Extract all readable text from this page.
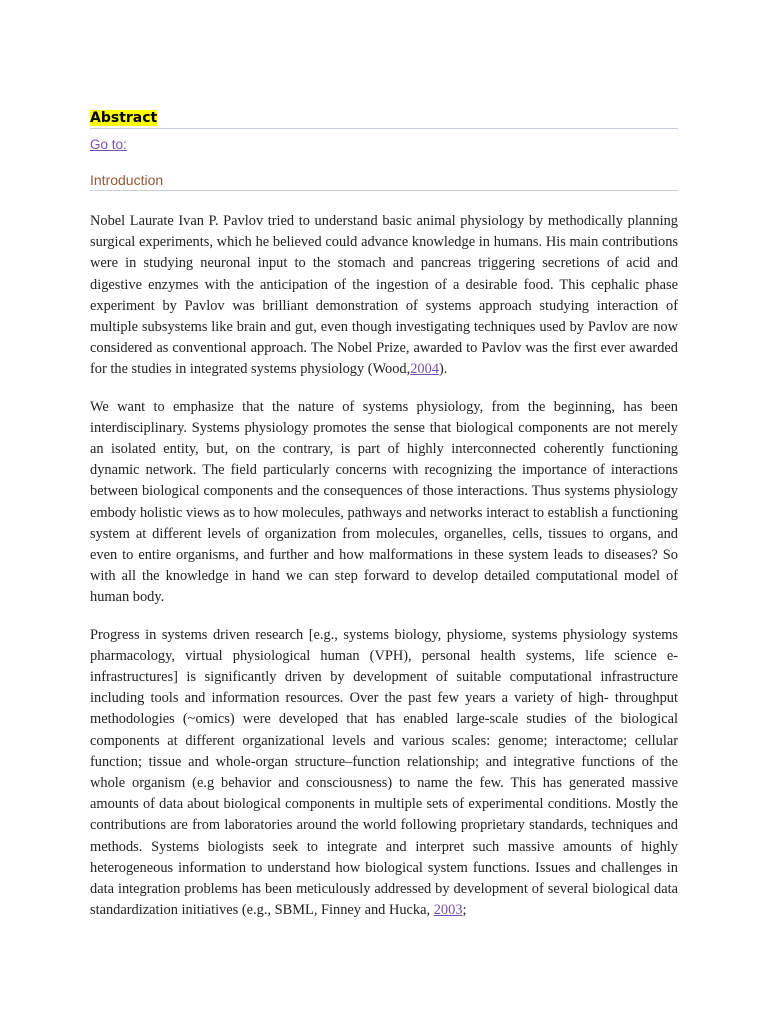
Abstract
Go to:
Introduction

Nobel Laurate Ivan P. Pavlov tried to understand basic animal physiology by methodically planning surgical experiments, which he believed could advance knowledge in humans. His main contributions were in studying neuronal input to the stomach and pancreas triggering secretions of acid and digestive enzymes with the anticipation of the ingestion of a desirable food. This cephalic phase experiment by Pavlov was brilliant demonstration of systems approach studying interaction of multiple subsystems like brain and gut, even though investigating techniques used by Pavlov are now considered as conventional approach. The Nobel Prize, awarded to Pavlov was the first ever awarded for the studies in integrated systems physiology (Wood,2004).

We want to emphasize that the nature of systems physiology, from the beginning, has been interdisciplinary. Systems physiology promotes the sense that biological components are not merely an isolated entity, but, on the contrary, is part of highly interconnected coherently functioning dynamic network. The field particularly concerns with recognizing the importance of interactions between biological components and the consequences of those interactions. Thus systems physiology embody holistic views as to how molecules, pathways and networks interact to establish a functioning system at different levels of organization from molecules, organelles, cells, tissues to organs, and even to entire organisms, and further and how malformations in these system leads to diseases? So with all the knowledge in hand we can step forward to develop detailed computational model of human body.

Progress in systems driven research [e.g., systems biology, physiome, systems physiology systems pharmacology, virtual physiological human (VPH), personal health systems, life science e-infrastructures] is significantly driven by development of suitable computational infrastructure including tools and information resources. Over the past few years a variety of high- throughput methodologies (~omics) were developed that has enabled large-scale studies of the biological components at different organizational levels and various scales: genome; interactome; cellular function; tissue and whole-organ structure–function relationship; and integrative functions of the whole organism (e.g behavior and consciousness) to name the few. This has generated massive amounts of data about biological components in multiple sets of experimental conditions. Mostly the contributions are from laboratories around the world following proprietary standards, techniques and methods. Systems biologists seek to integrate and interpret such massive amounts of highly heterogeneous information to understand how biological system functions. Issues and challenges in data integration problems has been meticulously addressed by development of several biological data standardization initiatives (e.g., SBML, Finney and Hucka, 2003;
